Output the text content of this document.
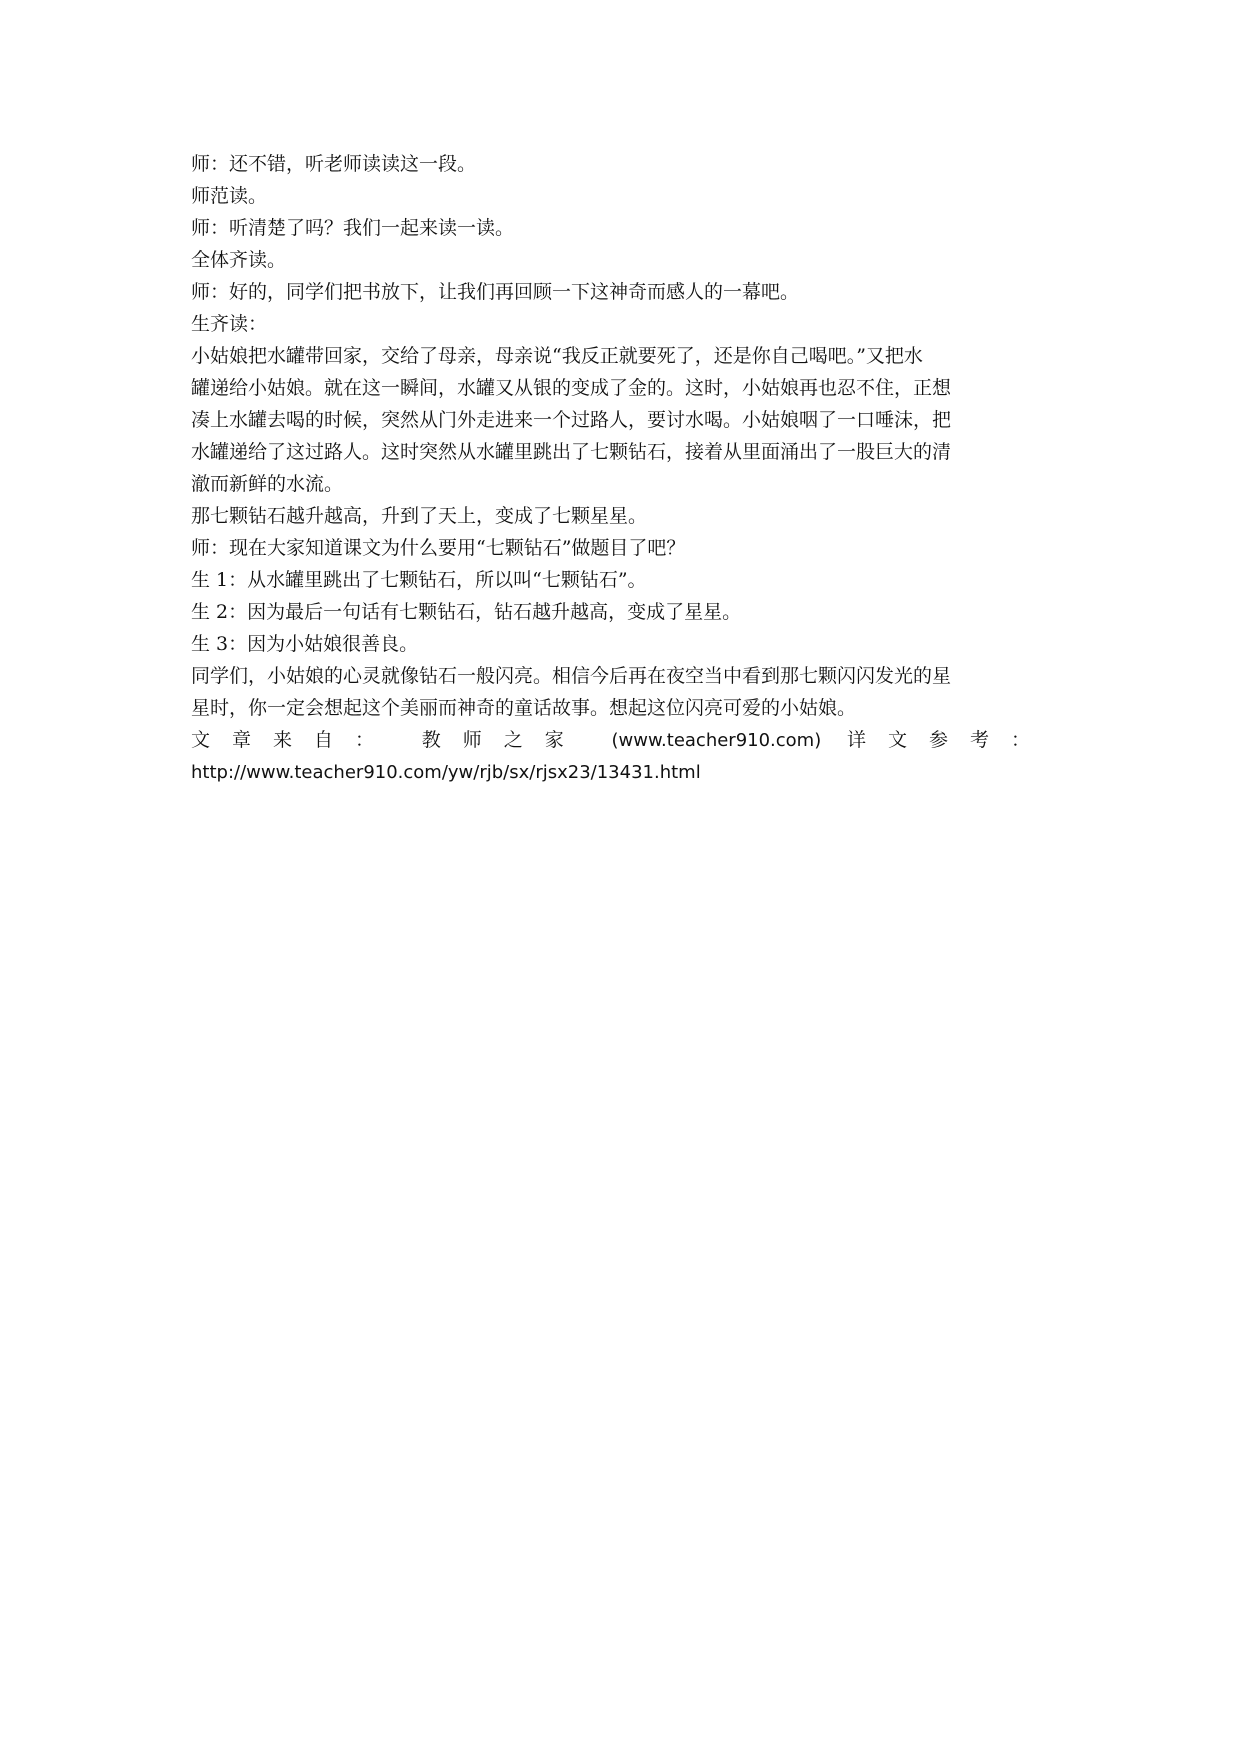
师：还不错，听老师读读这一段。

师范读。

师：听清楚了吗？我们一起来读一读。

全体齐读。

师：好的，同学们把书放下，让我们再回顾一下这神奇而感人的一幕吧。

生齐读：

小姑娘把水罐带回家，交给了母亲，母亲说“我反正就要死了，还是你自己喝吧。”又把水
罐递给小姑娘。就在这一瞬间，水罐又从银的变成了金的。这时，小姑娘再也忍不住，正想
凑上水罐去喝的时候，突然从门外走进来一个过路人，要讨水喝。小姑娘咽了一口唾沫，把
水罐递给了这过路人。这时突然从水罐里跳出了七颗钻石，接着从里面涌出了一股巨大的清
澈而新鲜的水流。

那七颗钻石越升越高，升到了天上，变成了七颗星星。

师：现在大家知道课文为什么要用“七颗钻石”做题目了吧？

生 1：从水罐里跳出了七颗钻石，所以叫“七颗钻石”。

生 2：因为最后一句话有七颗钻石，钻石越升越高，变成了星星。

生 3：因为小姑娘很善良。

同学们，小姑娘的心灵就像钻石一般闪亮。相信今后再在夜空当中看到那七颗闪闪发光的星
星时，你一定会想起这个美丽而神奇的童话故事。想起这位闪亮可爱的小姑娘。
文章来自： 教师之家 (www.teacher910.com) 详文参考：
http://www.teacher910.com/yw/rjb/sx/rjsx23/13431.html
